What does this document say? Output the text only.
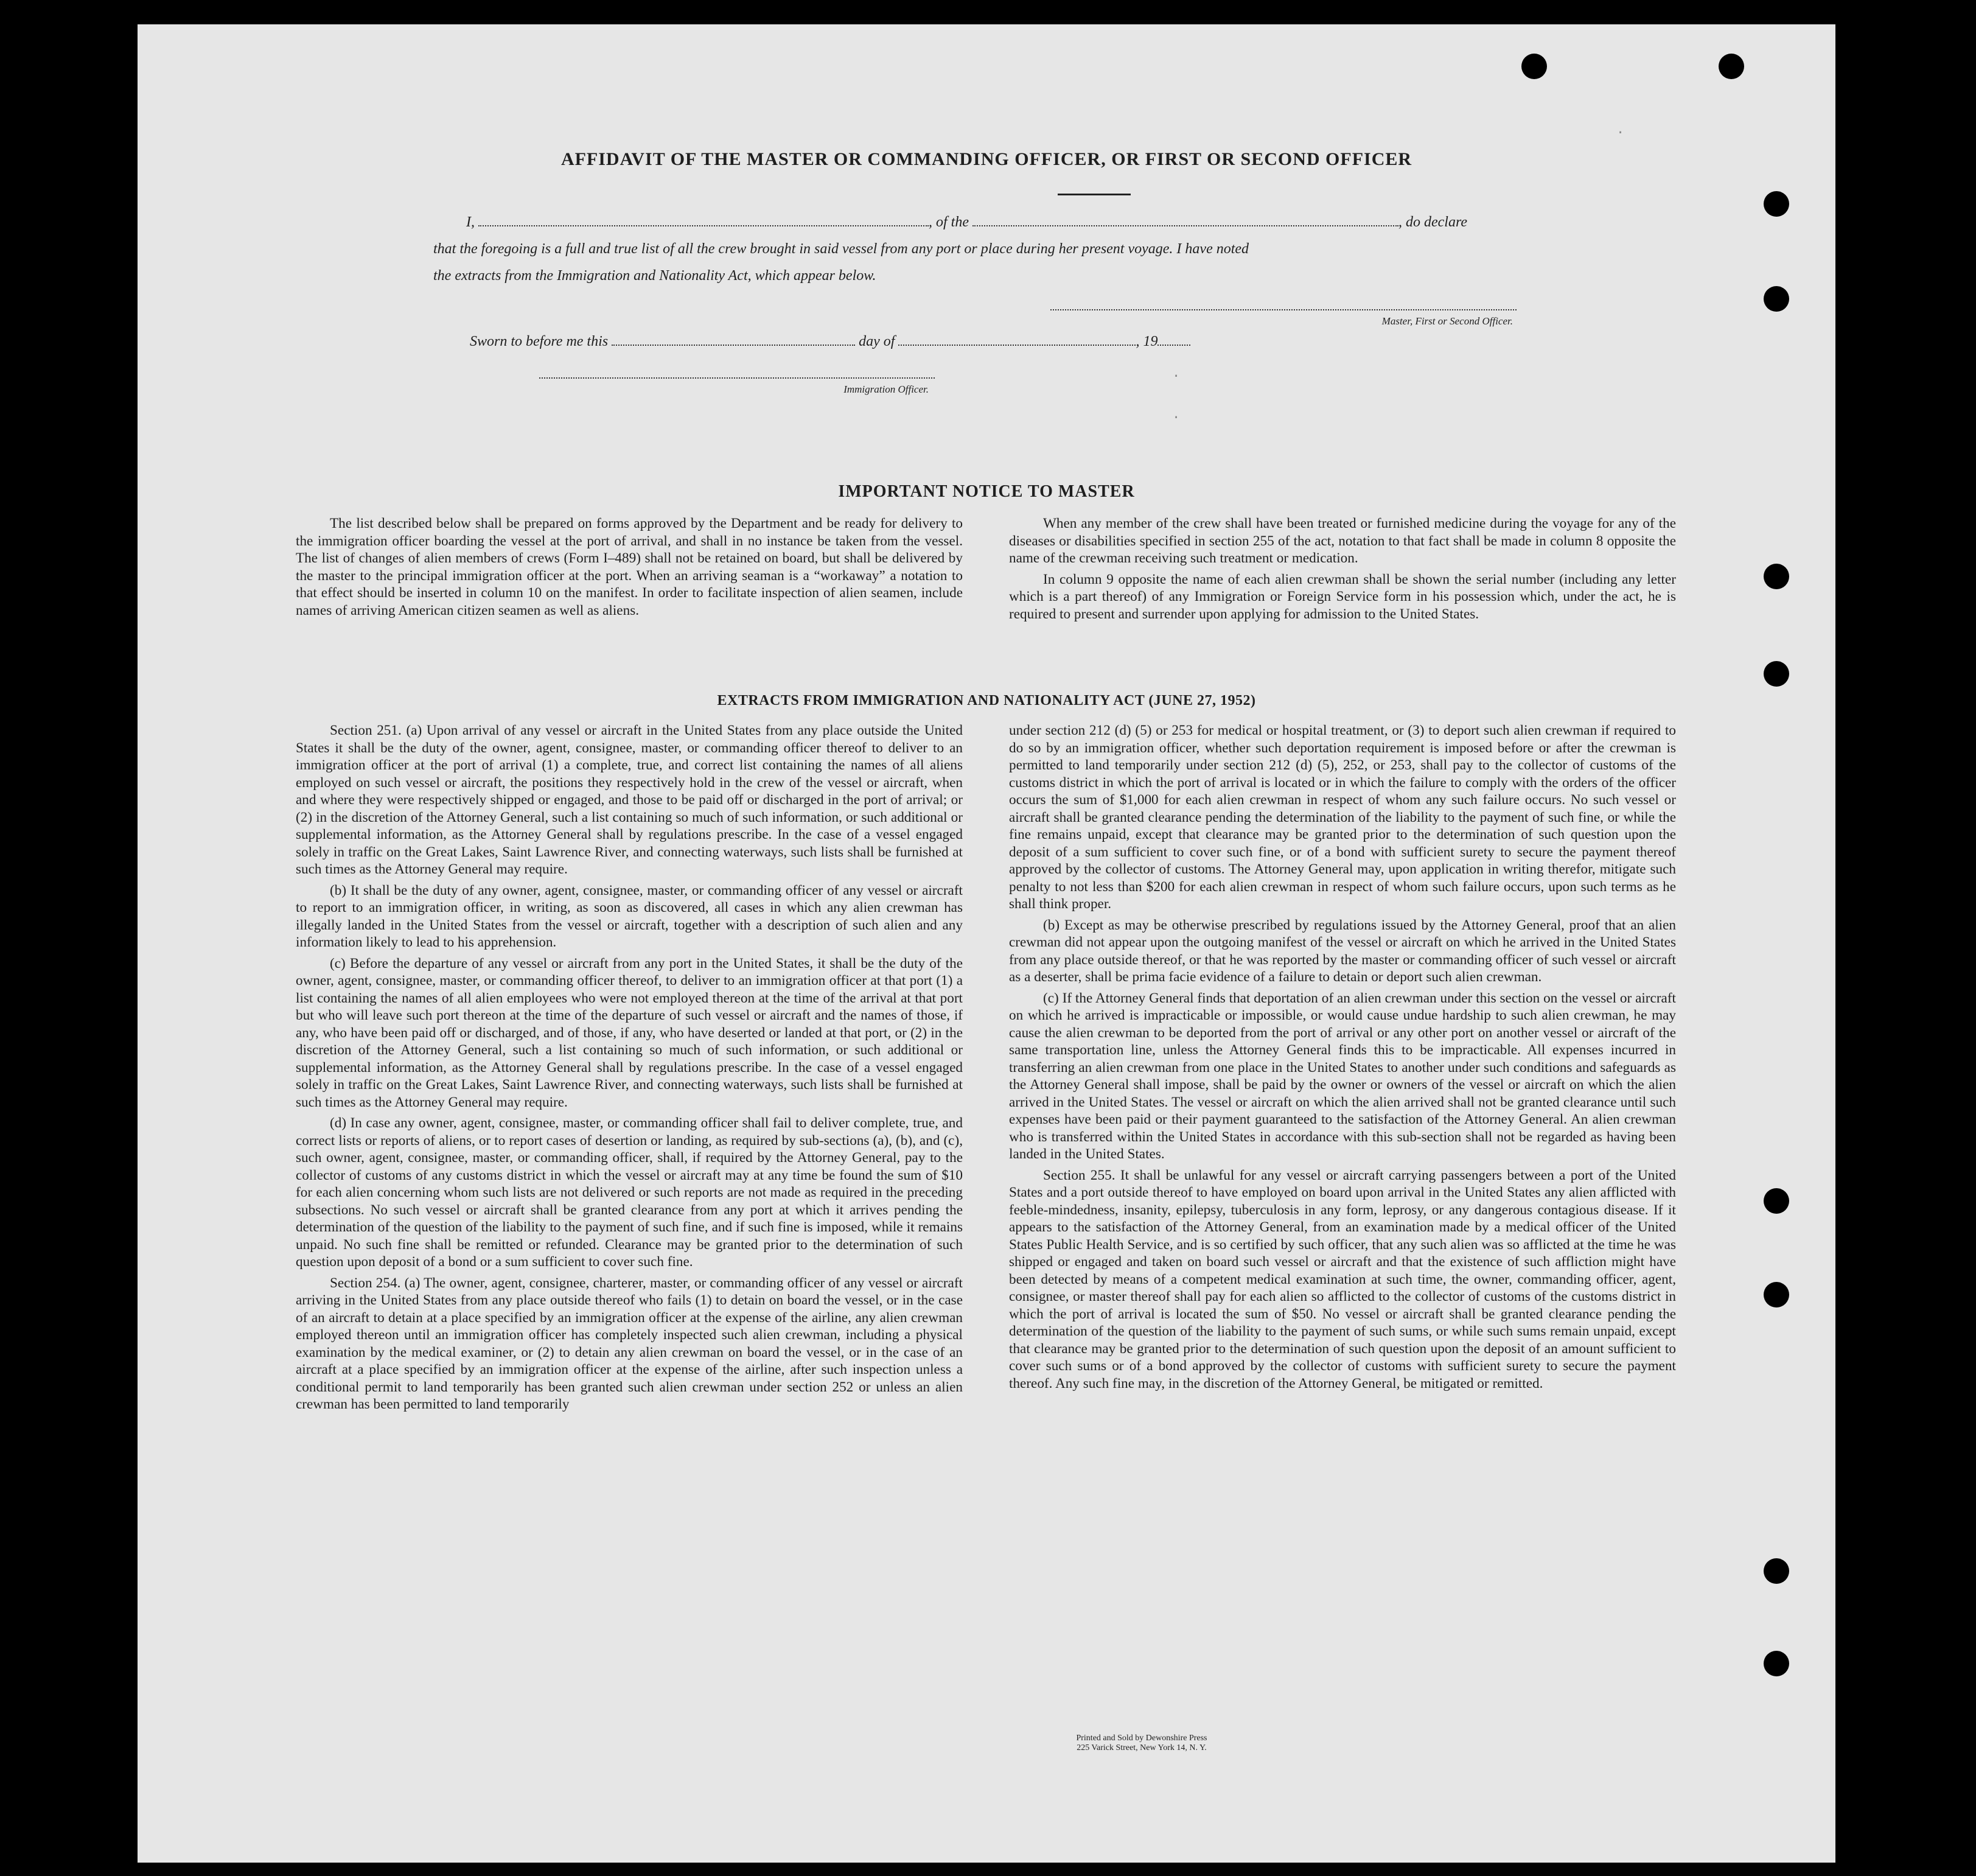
AFFIDAVIT OF THE MASTER OR COMMANDING OFFICER, OR FIRST OR SECOND OFFICER
I,	, of the	, do declare
that the foregoing is a full and true list of all the crew brought in said vessel from any port or place during her present voyage. I have noted
the extracts from the Immigration and Nationality Act, which appear below.
Master, First or Second Officer.
Sworn to before me this	day of	, 19
Immigration Officer.
IMPORTANT NOTICE TO MASTER

The list described below shall be prepared on forms approved by the Department and be ready for delivery to the immigration officer boarding the vessel at the port of arrival, and shall in no instance be taken from the vessel. The list of changes of alien members of crews (Form I–489) shall not be retained on board, but shall be delivered by the master to the principal immigration officer at the port. When an arriving seaman is a “workaway” a notation to that effect should be inserted in column 10 on the manifest. In order to facilitate inspection of alien seamen, include names of arriving American citizen seamen as well as aliens.

When any member of the crew shall have been treated or furnished medicine during the voyage for any of the diseases or disabilities specified in section 255 of the act, notation to that fact shall be made in column 8 opposite the name of the crewman receiving such treatment or medication.

In column 9 opposite the name of each alien crewman shall be shown the serial number (including any letter which is a part thereof) of any Immigration or Foreign Service form in his possession which, under the act, he is required to present and surrender upon applying for admission to the United States.

EXTRACTS FROM IMMIGRATION AND NATIONALITY ACT (JUNE 27, 1952)

Section 251. (a) Upon arrival of any vessel or aircraft in the United States from any place outside the United States it shall be the duty of the owner, agent, consignee, master, or commanding officer thereof to deliver to an immigration officer at the port of arrival (1) a complete, true, and correct list containing the names of all aliens employed on such vessel or aircraft, the positions they respectively hold in the crew of the vessel or aircraft, when and where they were respectively shipped or engaged, and those to be paid off or discharged in the port of arrival; or (2) in the discretion of the Attorney General, such a list containing so much of such information, or such additional or supplemental information, as the Attorney General shall by regulations prescribe. In the case of a vessel engaged solely in traffic on the Great Lakes, Saint Lawrence River, and connecting waterways, such lists shall be furnished at such times as the Attorney General may require.

(b) It shall be the duty of any owner, agent, consignee, master, or commanding officer of any vessel or aircraft to report to an immigration officer, in writing, as soon as discovered, all cases in which any alien crewman has illegally landed in the United States from the vessel or aircraft, together with a description of such alien and any information likely to lead to his apprehension.

(c) Before the departure of any vessel or aircraft from any port in the United States, it shall be the duty of the owner, agent, consignee, master, or commanding officer thereof, to deliver to an immigration officer at that port (1) a list containing the names of all alien employees who were not employed thereon at the time of the arrival at that port but who will leave such port thereon at the time of the departure of such vessel or aircraft and the names of those, if any, who have been paid off or discharged, and of those, if any, who have deserted or landed at that port, or (2) in the discretion of the Attorney General, such a list containing so much of such information, or such additional or supplemental information, as the Attorney General shall by regulations prescribe. In the case of a vessel engaged solely in traffic on the Great Lakes, Saint Lawrence River, and connecting waterways, such lists shall be furnished at such times as the Attorney General may require.

(d) In case any owner, agent, consignee, master, or commanding officer shall fail to deliver complete, true, and correct lists or reports of aliens, or to report cases of desertion or landing, as required by sub-sections (a), (b), and (c), such owner, agent, consignee, master, or commanding officer, shall, if required by the Attorney General, pay to the collector of customs of any customs district in which the vessel or aircraft may at any time be found the sum of $10 for each alien concerning whom such lists are not delivered or such reports are not made as required in the preceding subsections. No such vessel or aircraft shall be granted clearance from any port at which it arrives pending the determination of the question of the liability to the payment of such fine, and if such fine is imposed, while it remains unpaid. No such fine shall be remitted or refunded. Clearance may be granted prior to the determination of such question upon deposit of a bond or a sum sufficient to cover such fine.

Section 254. (a) The owner, agent, consignee, charterer, master, or commanding officer of any vessel or aircraft arriving in the United States from any place outside thereof who fails (1) to detain on board the vessel, or in the case of an aircraft to detain at a place specified by an immigration officer at the expense of the airline, any alien crewman employed thereon until an immigration officer has completely inspected such alien crewman, including a physical examination by the medical examiner, or (2) to detain any alien crewman on board the vessel, or in the case of an aircraft at a place specified by an immigration officer at the expense of the airline, after such inspection unless a conditional permit to land temporarily has been granted such alien crewman under section 252 or unless an alien crewman has been permitted to land temporarily

under section 212 (d) (5) or 253 for medical or hospital treatment, or (3) to deport such alien crewman if required to do so by an immigration officer, whether such deportation requirement is imposed before or after the crewman is permitted to land temporarily under section 212 (d) (5), 252, or 253, shall pay to the collector of customs of the customs district in which the port of arrival is located or in which the failure to comply with the orders of the officer occurs the sum of $1,000 for each alien crewman in respect of whom any such failure occurs. No such vessel or aircraft shall be granted clearance pending the determination of the liability to the payment of such fine, or while the fine remains unpaid, except that clearance may be granted prior to the determination of such question upon the deposit of a sum sufficient to cover such fine, or of a bond with sufficient surety to secure the payment thereof approved by the collector of customs. The Attorney General may, upon application in writing therefor, mitigate such penalty to not less than $200 for each alien crewman in respect of whom such failure occurs, upon such terms as he shall think proper.

(b) Except as may be otherwise prescribed by regulations issued by the Attorney General, proof that an alien crewman did not appear upon the outgoing manifest of the vessel or aircraft on which he arrived in the United States from any place outside thereof, or that he was reported by the master or commanding officer of such vessel or aircraft as a deserter, shall be prima facie evidence of a failure to detain or deport such alien crewman.

(c) If the Attorney General finds that deportation of an alien crewman under this section on the vessel or aircraft on which he arrived is impracticable or impossible, or would cause undue hardship to such alien crewman, he may cause the alien crewman to be deported from the port of arrival or any other port on another vessel or aircraft of the same transportation line, unless the Attorney General finds this to be impracticable. All expenses incurred in transferring an alien crewman from one place in the United States to another under such conditions and safeguards as the Attorney General shall impose, shall be paid by the owner or owners of the vessel or aircraft on which the alien arrived in the United States. The vessel or aircraft on which the alien arrived shall not be granted clearance until such expenses have been paid or their payment guaranteed to the satisfaction of the Attorney General. An alien crewman who is transferred within the United States in accordance with this sub-section shall not be regarded as having been landed in the United States.

Section 255. It shall be unlawful for any vessel or aircraft carrying passengers between a port of the United States and a port outside thereof to have employed on board upon arrival in the United States any alien afflicted with feeble-mindedness, insanity, epilepsy, tuberculosis in any form, leprosy, or any dangerous contagious disease. If it appears to the satisfaction of the Attorney General, from an examination made by a medical officer of the United States Public Health Service, and is so certified by such officer, that any such alien was so afflicted at the time he was shipped or engaged and taken on board such vessel or aircraft and that the existence of such affliction might have been detected by means of a competent medical examination at such time, the owner, commanding officer, agent, consignee, or master thereof shall pay for each alien so afflicted to the collector of customs of the customs district in which the port of arrival is located the sum of $50. No vessel or aircraft shall be granted clearance pending the determination of the question of the liability to the payment of such sums, or while such sums remain unpaid, except that clearance may be granted prior to the determination of such question upon the deposit of an amount sufficient to cover such sums or of a bond approved by the collector of customs with sufficient surety to secure the payment thereof. Any such fine may, in the discretion of the Attorney General, be mitigated or remitted.

Printed and Sold by Dewonshire Press
225 Varick Street, New York 14, N. Y.
.
.
.
